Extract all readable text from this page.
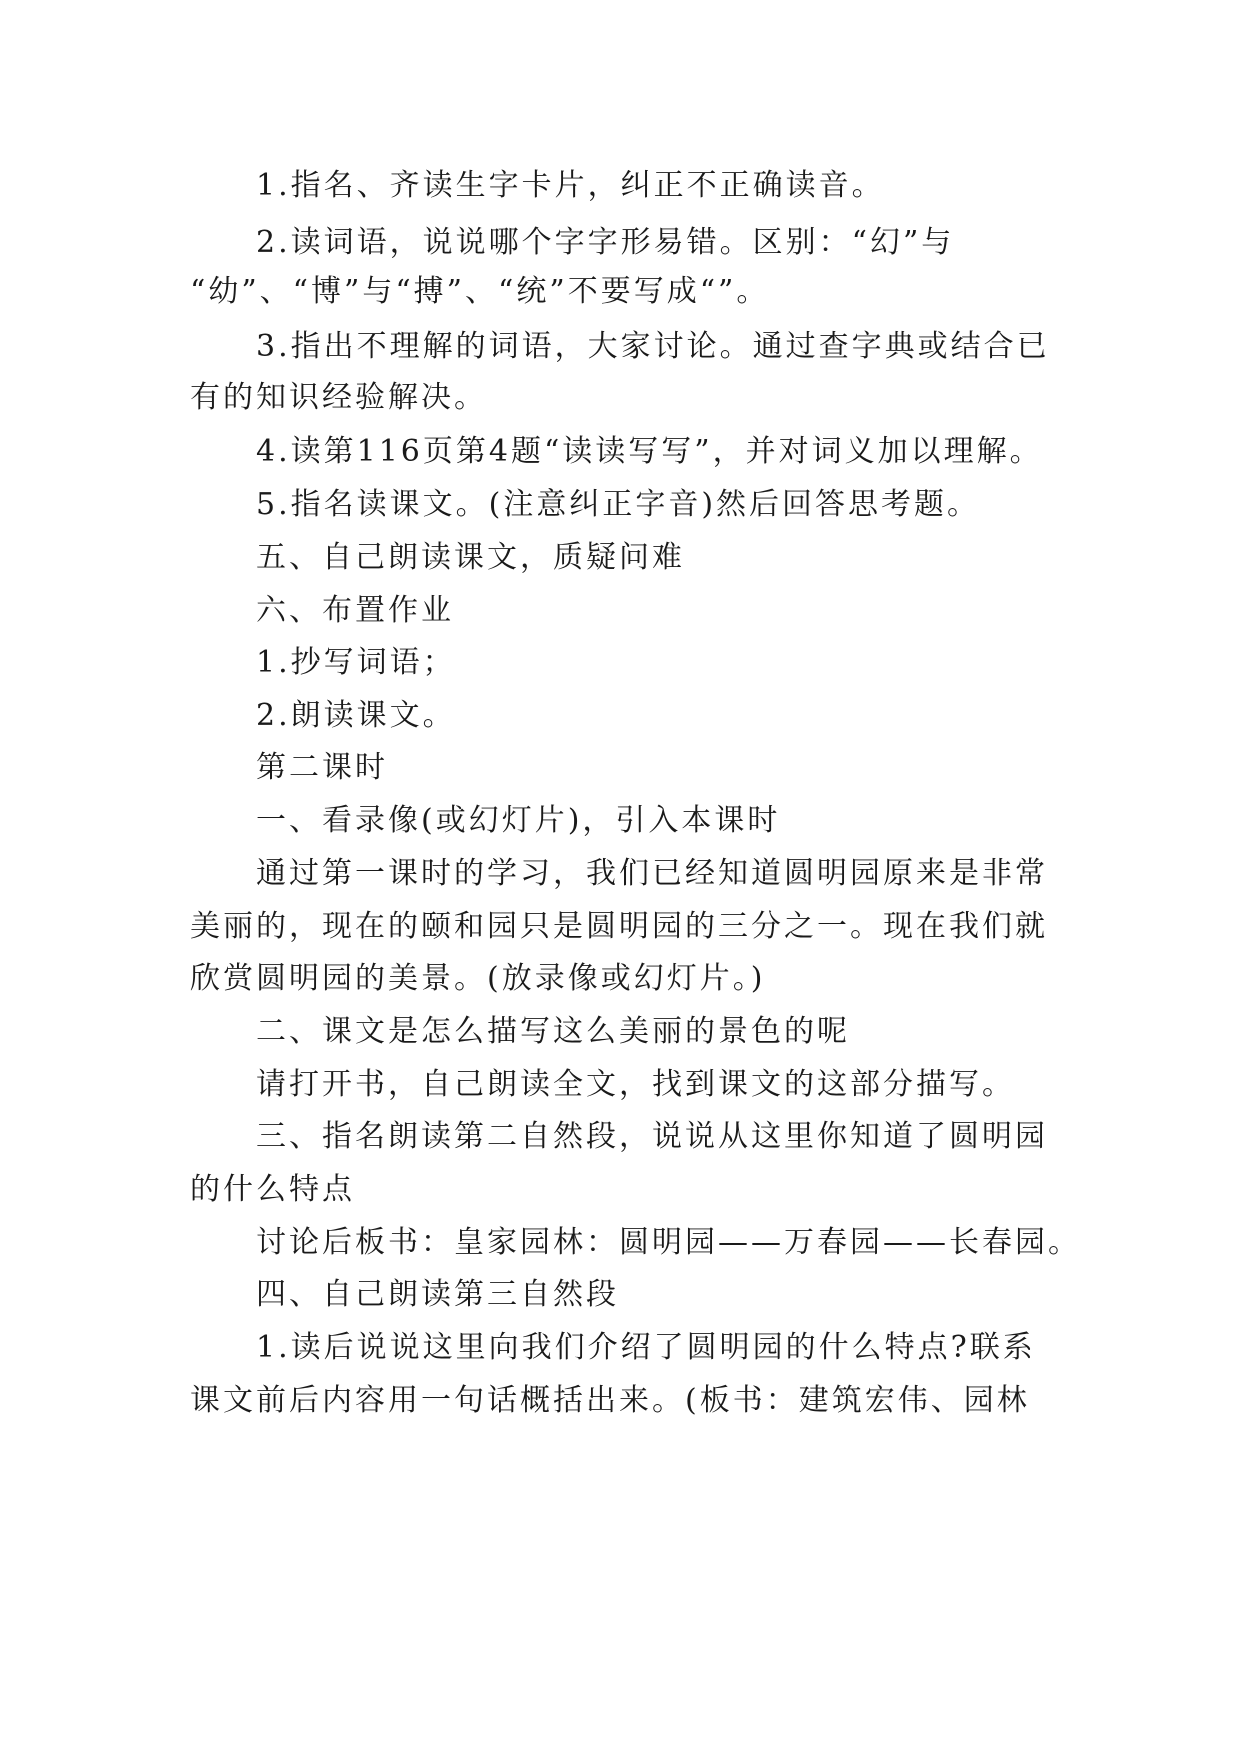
1.指名、齐读生字卡片，纠正不正确读音。
2.读词语，说说哪个字字形易错。区别：“幻”与
“幼”、“博”与“搏”、“统”不要写成“”。
3.指出不理解的词语，大家讨论。通过查字典或结合已
有的知识经验解决。
4.读第116页第4题“读读写写”，并对词义加以理解。
5.指名读课文。(注意纠正字音)然后回答思考题。
五、自己朗读课文，质疑问难
六、布置作业
1.抄写词语；
2.朗读课文。
第二课时
一、看录像(或幻灯片)，引入本课时
通过第一课时的学习，我们已经知道圆明园原来是非常
美丽的，现在的颐和园只是圆明园的三分之一。现在我们就
欣赏圆明园的美景。(放录像或幻灯片。)
二、课文是怎么描写这么美丽的景色的呢
请打开书，自己朗读全文，找到课文的这部分描写。
三、指名朗读第二自然段，说说从这里你知道了圆明园
的什么特点
讨论后板书：皇家园林：圆明园——万春园——长春园。
四、自己朗读第三自然段
1.读后说说这里向我们介绍了圆明园的什么特点?联系
课文前后内容用一句话概括出来。(板书：建筑宏伟、园林
